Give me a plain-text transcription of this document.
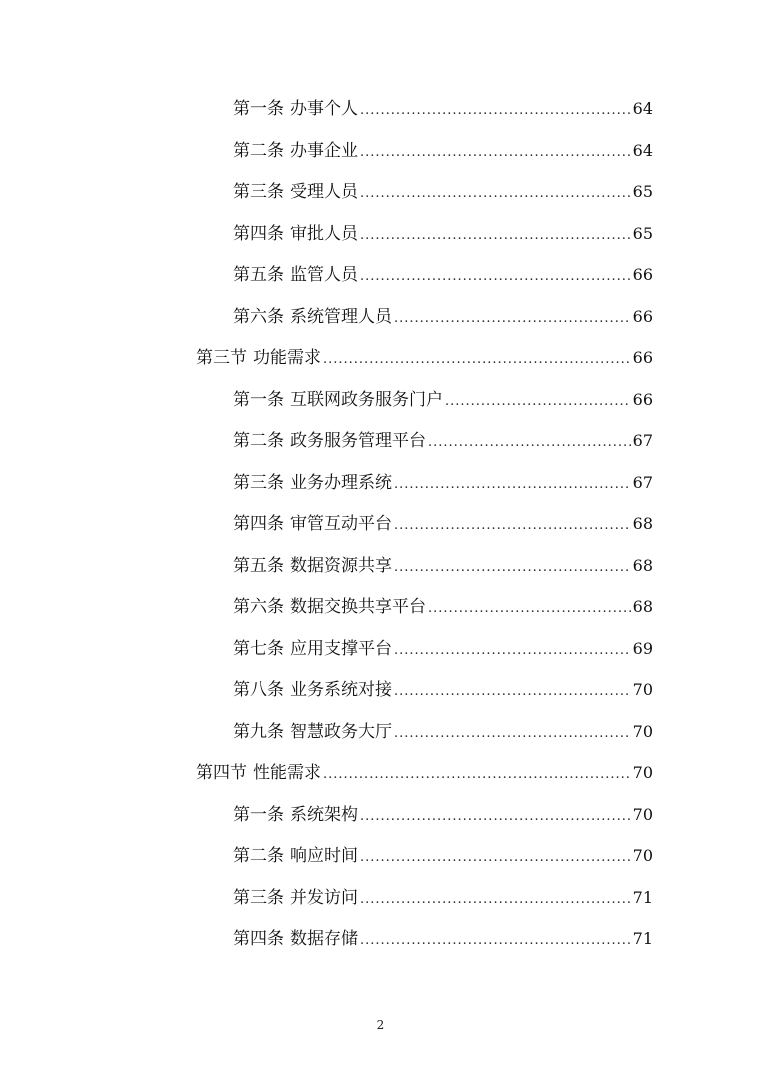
第一条 办事个人 .....	64
第二条 办事企业 .....	64
第三条 受理人员 .....	65
第四条 审批人员 .....	65
第五条 监管人员 .....	66
第六条 系统管理人员 .....	66
第三节 功能需求 .....	66
第一条 互联网政务服务门户 .....	66
第二条 政务服务管理平台 .....	67
第三条 业务办理系统 .....	67
第四条 审管互动平台 .....	68
第五条 数据资源共享 .....	68
第六条 数据交换共享平台 .....	68
第七条 应用支撑平台 .....	69
第八条 业务系统对接 .....	70
第九条 智慧政务大厅 .....	70
第四节 性能需求 .....	70
第一条 系统架构 .....	70
第二条 响应时间 .....	70
第三条 并发访问 .....	71
第四条 数据存储 .....	71
2
